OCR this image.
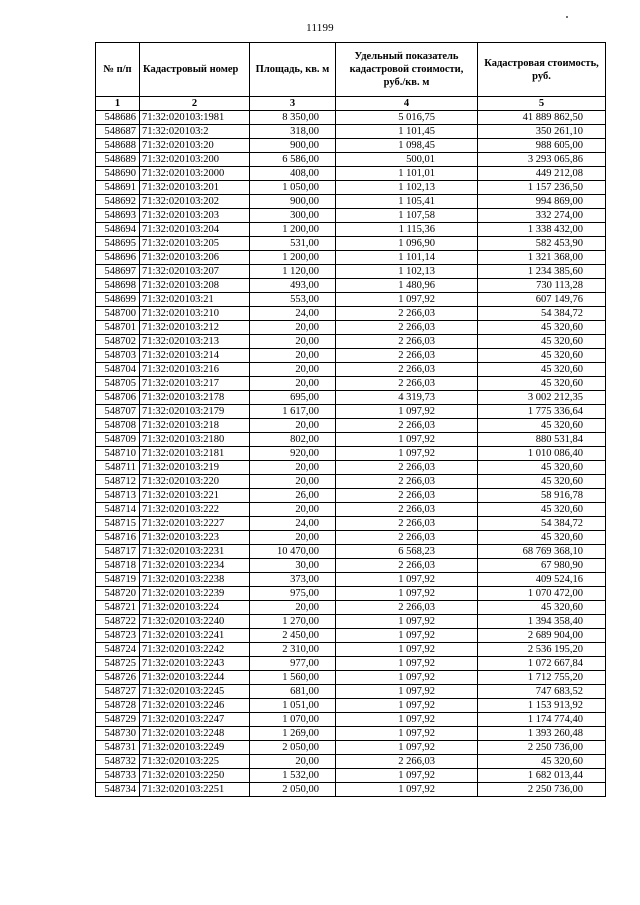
11199
№ п/п	Кадастровый номер	Площадь, кв. м	Удельный показатель кадастровой стоимости, руб./кв. м	Кадастровая стоимость, руб.
1	2	3	4	5
548686	71:32:020103:1981	8 350,00	5 016,75	41 889 862,50
548687	71:32:020103:2	318,00	1 101,45	350 261,10
548688	71:32:020103:20	900,00	1 098,45	988 605,00
548689	71:32:020103:200	6 586,00	500,01	3 293 065,86
548690	71:32:020103:2000	408,00	1 101,01	449 212,08
548691	71:32:020103:201	1 050,00	1 102,13	1 157 236,50
548692	71:32:020103:202	900,00	1 105,41	994 869,00
548693	71:32:020103:203	300,00	1 107,58	332 274,00
548694	71:32:020103:204	1 200,00	1 115,36	1 338 432,00
548695	71:32:020103:205	531,00	1 096,90	582 453,90
548696	71:32:020103:206	1 200,00	1 101,14	1 321 368,00
548697	71:32:020103:207	1 120,00	1 102,13	1 234 385,60
548698	71:32:020103:208	493,00	1 480,96	730 113,28
548699	71:32:020103:21	553,00	1 097,92	607 149,76
548700	71:32:020103:210	24,00	2 266,03	54 384,72
548701	71:32:020103:212	20,00	2 266,03	45 320,60
548702	71:32:020103:213	20,00	2 266,03	45 320,60
548703	71:32:020103:214	20,00	2 266,03	45 320,60
548704	71:32:020103:216	20,00	2 266,03	45 320,60
548705	71:32:020103:217	20,00	2 266,03	45 320,60
548706	71:32:020103:2178	695,00	4 319,73	3 002 212,35
548707	71:32:020103:2179	1 617,00	1 097,92	1 775 336,64
548708	71:32:020103:218	20,00	2 266,03	45 320,60
548709	71:32:020103:2180	802,00	1 097,92	880 531,84
548710	71:32:020103:2181	920,00	1 097,92	1 010 086,40
548711	71:32:020103:219	20,00	2 266,03	45 320,60
548712	71:32:020103:220	20,00	2 266,03	45 320,60
548713	71:32:020103:221	26,00	2 266,03	58 916,78
548714	71:32:020103:222	20,00	2 266,03	45 320,60
548715	71:32:020103:2227	24,00	2 266,03	54 384,72
548716	71:32:020103:223	20,00	2 266,03	45 320,60
548717	71:32:020103:2231	10 470,00	6 568,23	68 769 368,10
548718	71:32:020103:2234	30,00	2 266,03	67 980,90
548719	71:32:020103:2238	373,00	1 097,92	409 524,16
548720	71:32:020103:2239	975,00	1 097,92	1 070 472,00
548721	71:32:020103:224	20,00	2 266,03	45 320,60
548722	71:32:020103:2240	1 270,00	1 097,92	1 394 358,40
548723	71:32:020103:2241	2 450,00	1 097,92	2 689 904,00
548724	71:32:020103:2242	2 310,00	1 097,92	2 536 195,20
548725	71:32:020103:2243	977,00	1 097,92	1 072 667,84
548726	71:32:020103:2244	1 560,00	1 097,92	1 712 755,20
548727	71:32:020103:2245	681,00	1 097,92	747 683,52
548728	71:32:020103:2246	1 051,00	1 097,92	1 153 913,92
548729	71:32:020103:2247	1 070,00	1 097,92	1 174 774,40
548730	71:32:020103:2248	1 269,00	1 097,92	1 393 260,48
548731	71:32:020103:2249	2 050,00	1 097,92	2 250 736,00
548732	71:32:020103:225	20,00	2 266,03	45 320,60
548733	71:32:020103:2250	1 532,00	1 097,92	1 682 013,44
548734	71:32:020103:2251	2 050,00	1 097,92	2 250 736,00
